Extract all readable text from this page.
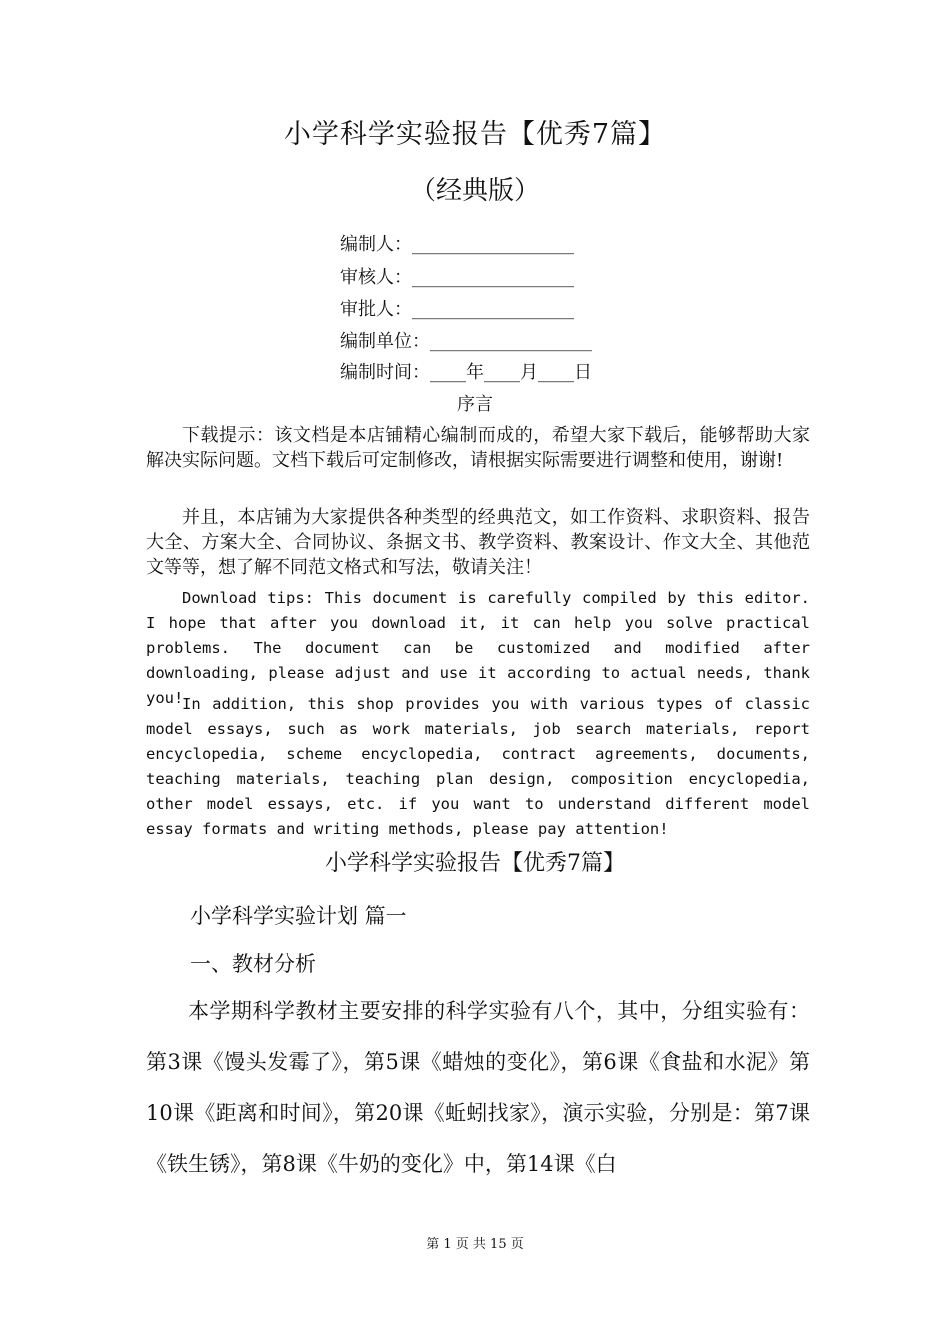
小学科学实验报告【优秀7篇】
（经典版）
编制人：__________________
审核人：__________________
审批人：__________________
编制单位：__________________
编制时间：____年____月____日
序言
下载提示：该文档是本店铺精心编制而成的，希望大家下载后，能够帮助大家解决实际问题。文档下载后可定制修改，请根据实际需要进行调整和使用，谢谢!
并且，本店铺为大家提供各种类型的经典范文，如工作资料、求职资料、报告大全、方案大全、合同协议、条据文书、教学资料、教案设计、作文大全、其他范文等等，想了解不同范文格式和写法，敬请关注！
Download tips: This document is carefully compiled by this editor. I hope that after you download it, it can help you solve practical problems. The document can be customized and modified after downloading, please adjust and use it according to actual needs, thank you!
In addition, this shop provides you with various types of classic model essays, such as work materials, job search materials, report encyclopedia, scheme encyclopedia, contract agreements, documents, teaching materials, teaching plan design, composition encyclopedia, other model essays, etc. if you want to understand different model essay formats and writing methods, please pay attention!
小学科学实验报告【优秀7篇】
小学科学实验计划 篇一
一、教材分析
本学期科学教材主要安排的科学实验有八个，其中，分组实验有：第3课《馒头发霉了》，第5课《蜡烛的变化》，第6课《食盐和水泥》第10课《距离和时间》，第20课《蚯蚓找家》，演示实验，分别是：第7课《铁生锈》，第8课《牛奶的变化》中，第14课《白
第 1 页 共 15 页
